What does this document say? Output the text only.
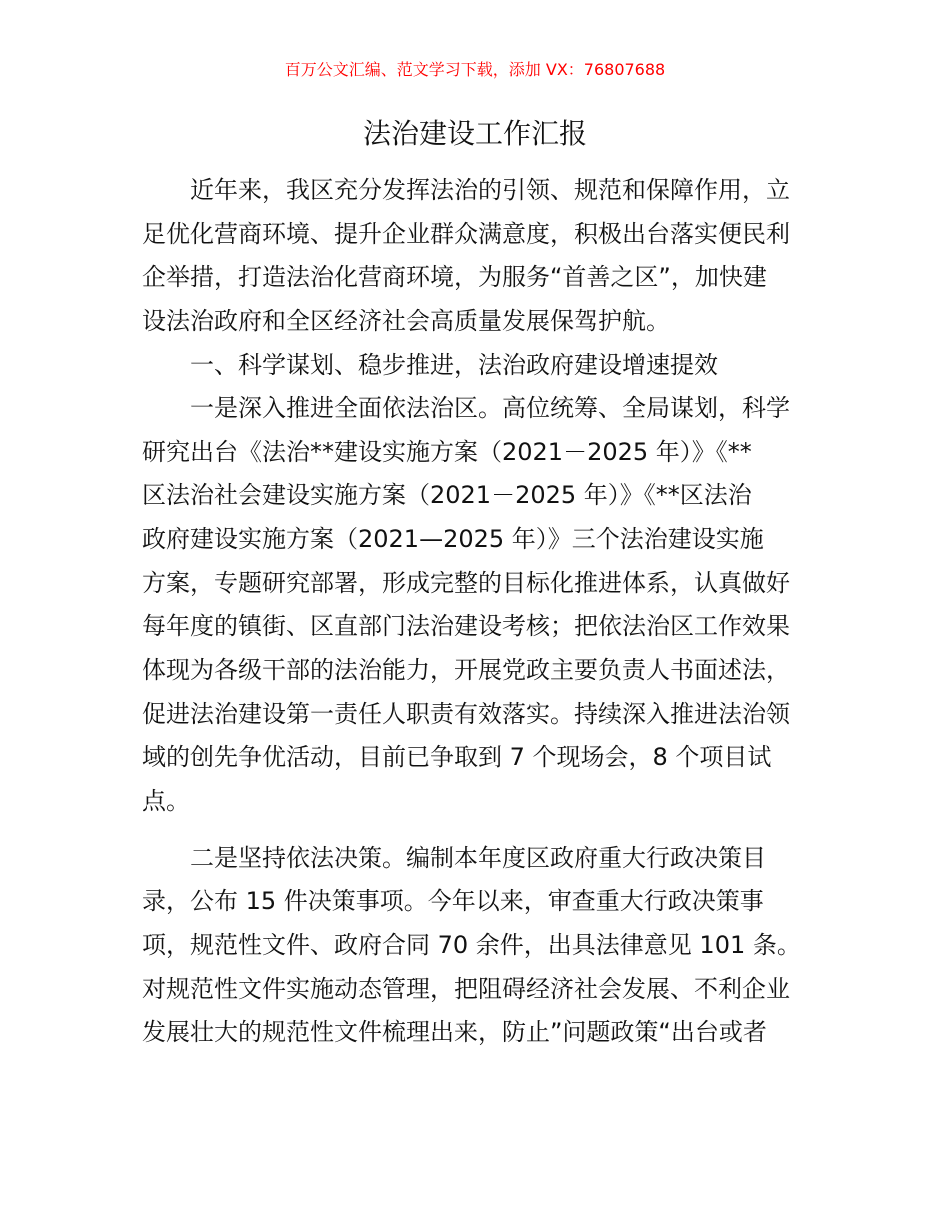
百万公文汇编、范文学习下载，添加 VX：76807688
法治建设工作汇报
　　近年来，我区充分发挥法治的引领、规范和保障作用，立
足优化营商环境、提升企业群众满意度，积极出台落实便民利
企举措，打造法治化营商环境，为服务“首善之区”，加快建
设法治政府和全区经济社会高质量发展保驾护航。
　　一、科学谋划、稳步推进，法治政府建设增速提效
　　一是深入推进全面依法治区。高位统筹、全局谋划，科学
研究出台《法治**建设实施方案（2021－2025 年）》《**
区法治社会建设实施方案（2021－2025 年）》《**区法治
政府建设实施方案（2021—2025 年）》三个法治建设实施
方案，专题研究部署，形成完整的目标化推进体系，认真做好
每年度的镇街、区直部门法治建设考核；把依法治区工作效果
体现为各级干部的法治能力，开展党政主要负责人书面述法，
促进法治建设第一责任人职责有效落实。持续深入推进法治领
域的创先争优活动，目前已争取到 7 个现场会，8 个项目试
点。
　　二是坚持依法决策。编制本年度区政府重大行政决策目
录，公布 15 件决策事项。今年以来，审查重大行政决策事
项，规范性文件、政府合同 70 余件，出具法律意见 101 条。
对规范性文件实施动态管理，把阻碍经济社会发展、不利企业
发展壮大的规范性文件梳理出来，防止”问题政策“出台或者
